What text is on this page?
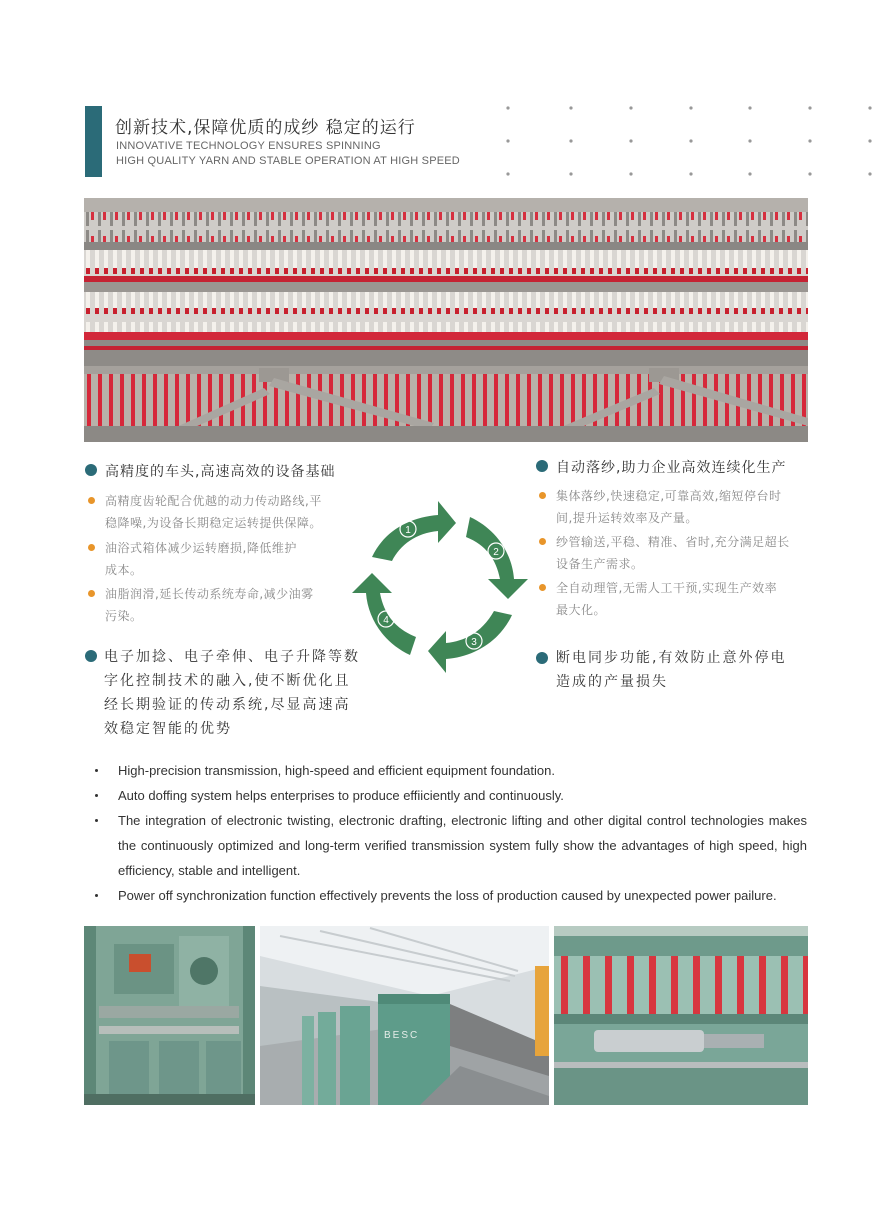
创新技术,保障优质的成纱 稳定的运行
INNOVATIVE TECHNOLOGY ENSURES SPINNING
HIGH QUALITY YARN AND STABLE OPERATION AT HIGH SPEED
高精度的车头,高速高效的设备基础
高精度齿轮配合优越的动力传动路线,平
稳降噪,为设备长期稳定运转提供保障。
油浴式箱体减少运转磨损,降低维护
成本。
油脂润滑,延长传动系统寿命,减少油雾
污染。
自动落纱,助力企业高效连续化生产
集体落纱,快速稳定,可靠高效,缩短停台时
间,提升运转效率及产量。
纱管输送,平稳、精准、省时,充分满足超长
设备生产需求。
全自动理管,无需人工干预,实现生产效率
最大化。
1
2
3
4
电子加捻、电子牵伸、电子升降等数
字化控制技术的融入,使不断优化且
经长期验证的传动系统,尽显高速高
效稳定智能的优势
断电同步功能,有效防止意外停电
造成的产量损失
High-precision transmission, high-speed and efficient equipment foundation.
Auto doffing system helps enterprises to produce effiiciently and continuously.
The integration of electronic twisting, electronic drafting, electronic lifting and other digital control technologies makes the continuously optimized and long-term verified transmission system fully show the advantages of high speed, high efficiency, stable and intelligent.
Power off synchronization function effectively prevents the loss of production caused by unexpected power pailure.
BESC
